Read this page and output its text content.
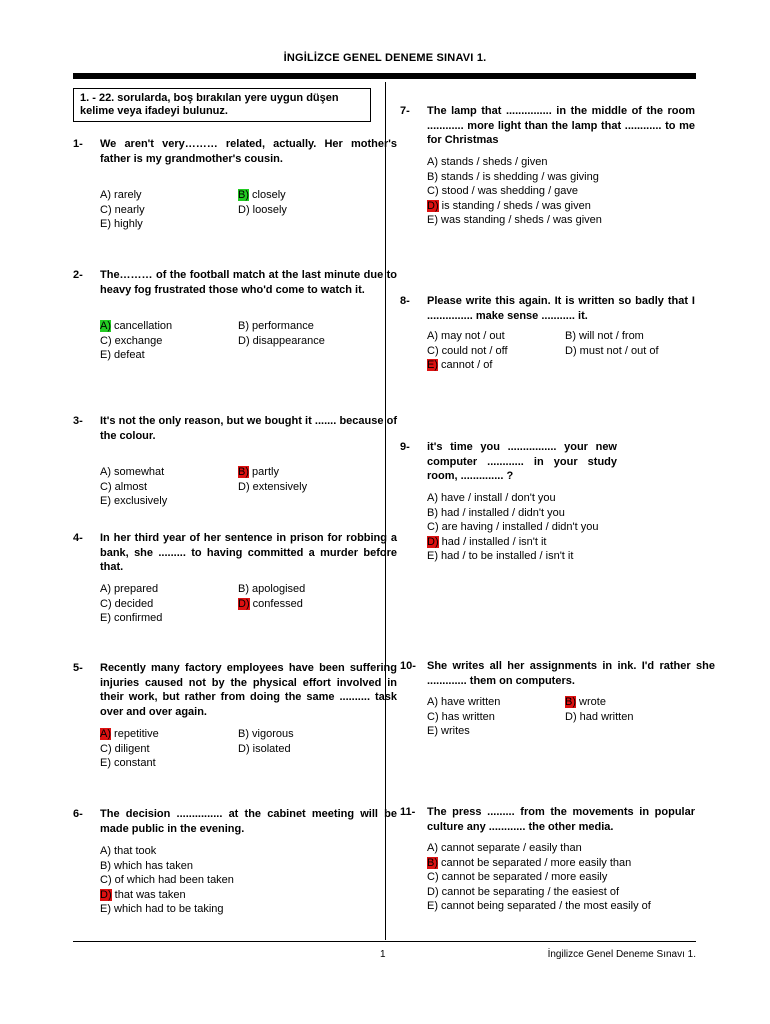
İNGİLİZCE GENEL DENEME SINAVI 1.
1. - 22. sorularda, boş bırakılan yere uygun düşen kelime veya ifadeyi bulunuz.
1- We aren't very……… related, actually. Her mother's father is my grandmother's cousin.
A) rarely	B) closely
C) nearly	D) loosely
E) highly
2- The……… of the football match at the last minute due to heavy fog frustrated those who'd come to watch it.
A) cancellation	B) performance
C) exchange	D) disappearance
E) defeat
3- It's not the only reason, but we bought it ....... because of the colour.
A) somewhat	B) partly
C) almost	D) extensively
E) exclusively
4- In her third year of her sentence in prison for robbing a bank, she ......... to having committed a murder before that.
A) prepared	B) apologised
C) decided	D) confessed
E) confirmed
5- Recently many factory employees have been suffering injuries caused not by the physical effort involved in their work, but rather from doing the same .......... task over and over again.
A) repetitive	B) vigorous
C) diligent	D) isolated
E) constant
6- The decision ............... at the cabinet meeting will be made public in the evening.
A) that took
B) which has taken
C) of which had been taken
D) that was taken
E) which had to be taking
7- The lamp that ............... in the middle of the room ............ more light than the lamp that ............ to me for Christmas
A) stands / sheds / given
B) stands / is shedding / was giving
C) stood / was shedding / gave
D) is standing / sheds / was given
E) was standing / sheds / was given
8- Please write this again. It is written so badly that I ............... make sense ........... it.
A) may not / out	B) will not / from
C) could not / off	D) must not / out of
E) cannot / of
9- it's time you ................ your new computer ............ in your study room, .............. ?
A) have / install / don't you
B) had / installed / didn't you
C) are having / installed / didn't you
D) had / installed / isn't it
E) had / to be installed / isn't it
10- She writes all her assignments in ink. I'd rather she ............. them on computers.
A) have written	B) wrote
C) has written	D) had written
E) writes
11- The press ......... from the movements in popular culture any ............ the other media.
A) cannot separate / easily than
B) cannot be separated / more easily than
C) cannot be separated / more easily
D) cannot be separating / the easiest of
E) cannot being separated / the most easily of
1	İngilizce Genel Deneme Sınavı 1.
